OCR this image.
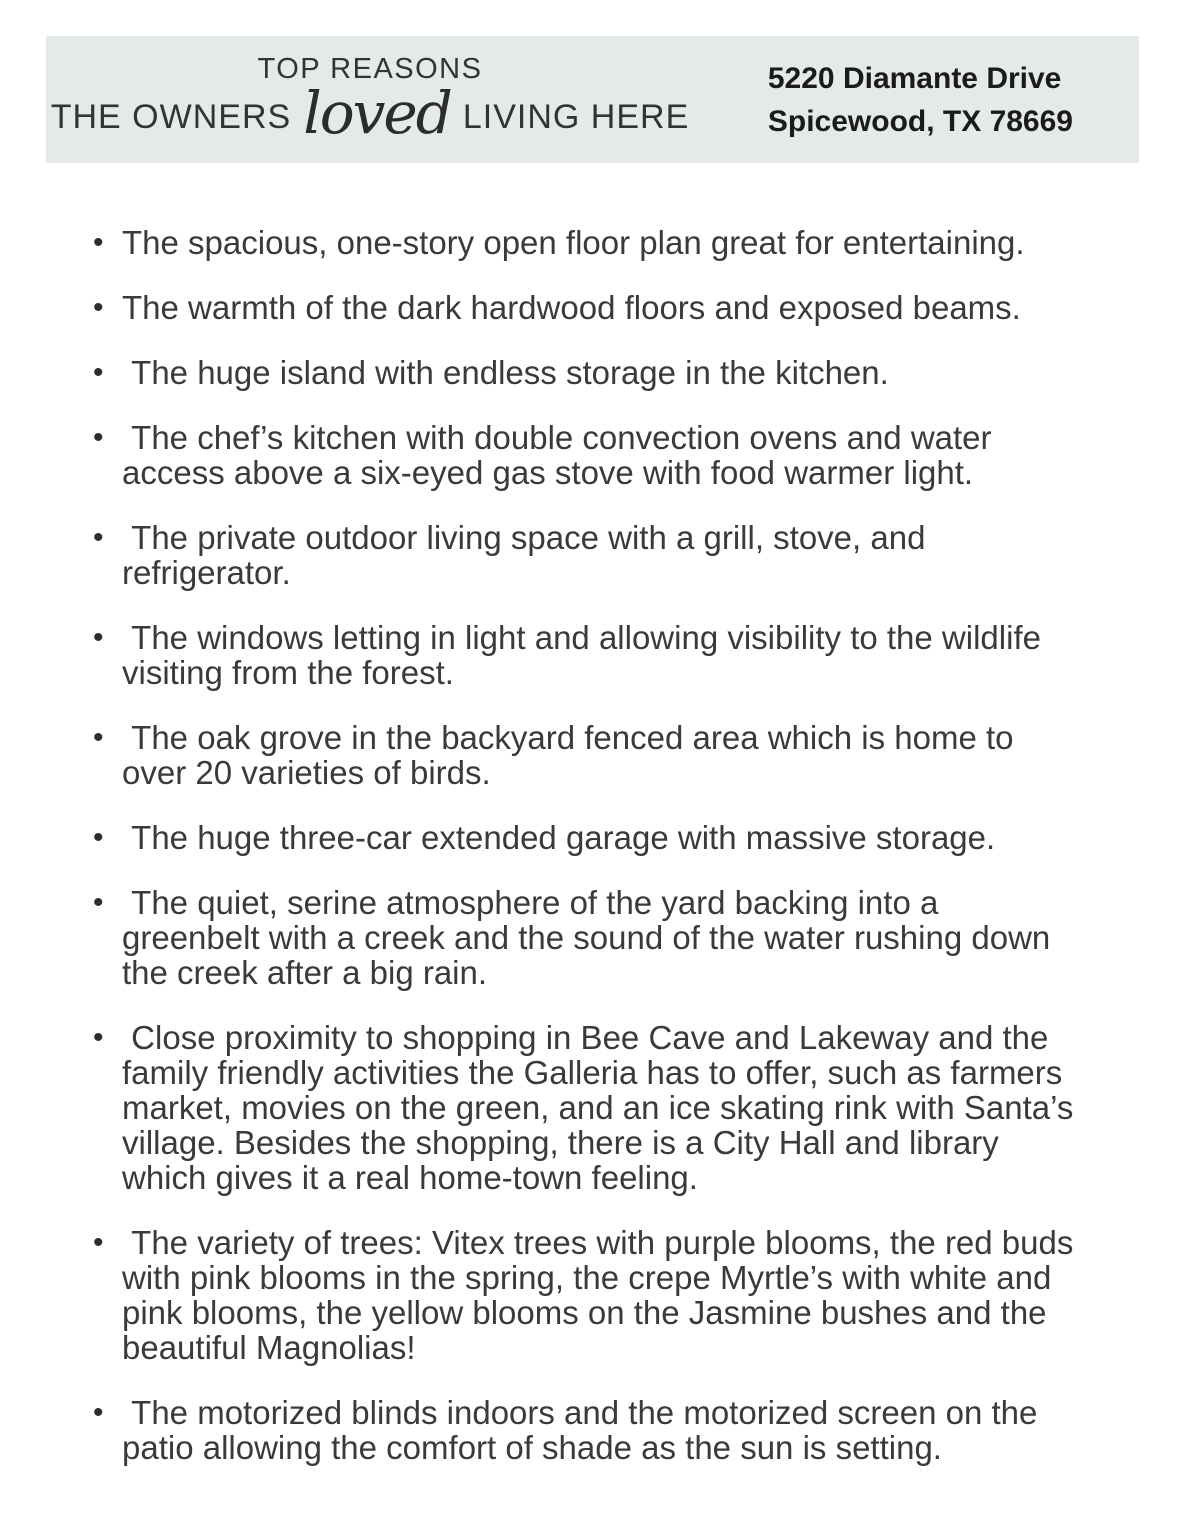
TOP REASONS
THE OWNERS loved LIVING HERE
5220 Diamante Drive
Spicewood, TX 78669
• The spacious, one-story open floor plan great for entertaining.
• The warmth of the dark hardwood floors and exposed beams.
•  The huge island with endless storage in the kitchen.
•  The chef’s kitchen with double convection ovens and water access above a six-eyed gas stove with food warmer light.
•  The private outdoor living space with a grill, stove, and refrigerator.
•  The windows letting in light and allowing visibility to the wildlife visiting from the forest.
•  The oak grove in the backyard fenced area which is home to over 20 varieties of birds.
•  The huge three-car extended garage with massive storage.
•  The quiet, serine atmosphere of the yard backing into a greenbelt with a creek and the sound of the water rushing down the creek after a big rain.
•  Close proximity to shopping in Bee Cave and Lakeway and the family friendly activities the Galleria has to offer, such as farmers market, movies on the green, and an ice skating rink with Santa’s village. Besides the shopping, there is a City Hall and library which gives it a real home-town feeling.
•  The variety of trees: Vitex trees with purple blooms, the red buds with pink blooms in the spring, the crepe Myrtle’s with white and pink blooms, the yellow blooms on the Jasmine bushes and the beautiful Magnolias!
•  The motorized blinds indoors and the motorized screen on the patio allowing the comfort of shade as the sun is setting.
